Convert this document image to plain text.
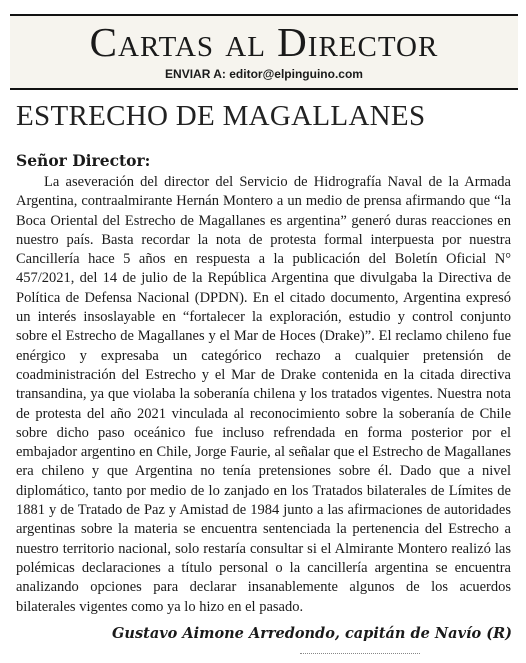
Cartas al Director
ENVIAR A: editor@elpinguino.com
ESTRECHO DE MAGALLANES
Señor Director:

La aseveración del director del Servicio de Hidrografía Naval de la Armada Argentina, contraalmirante Hernán Montero a un medio de prensa afirmando que “la Boca Oriental del Estrecho de Magallanes es argentina” generó duras reacciones en nuestro país. Basta recordar la nota de protesta formal interpuesta por nuestra Cancillería hace 5 años en respuesta a la publicación del Boletín Oficial N° 457/2021, del 14 de julio de la República Argentina que divulgaba la Directiva de Política de Defensa Nacional (DPDN). En el citado documento, Argentina expresó un interés insoslayable en “fortalecer la exploración, estudio y control conjunto sobre el Estrecho de Magallanes y el Mar de Hoces (Drake)”. El reclamo chileno fue enérgico y expresaba un categórico rechazo a cualquier pretensión de coadministración del Estrecho y el Mar de Drake contenida en la citada directiva transandina, ya que violaba la soberanía chilena y los tratados vigentes. Nuestra nota de protesta del año 2021 vinculada al reconocimiento sobre la soberanía de Chile sobre dicho paso oceánico fue incluso refrendada en forma posterior por el embajador argentino en Chile, Jorge Faurie, al señalar que el Estrecho de Magallanes era chileno y que Argentina no tenía pretensiones sobre él. Dado que a nivel diplomático, tanto por medio de lo zanjado en los Tratados bilaterales de Límites de 1881 y de Tratado de Paz y Amistad de 1984 junto a las afirmaciones de autoridades argentinas sobre la materia se encuentra sentenciada la pertenencia del Estrecho a nuestro territorio nacional, solo restaría consultar si el Almirante Montero realizó las polémicas declaraciones a título personal o la cancillería argentina se encuentra analizando opciones para declarar insanablemente algunos de los acuerdos bilaterales vigentes como ya lo hizo en el pasado.

Gustavo Aimone Arredondo, capitán de Navío (R)
